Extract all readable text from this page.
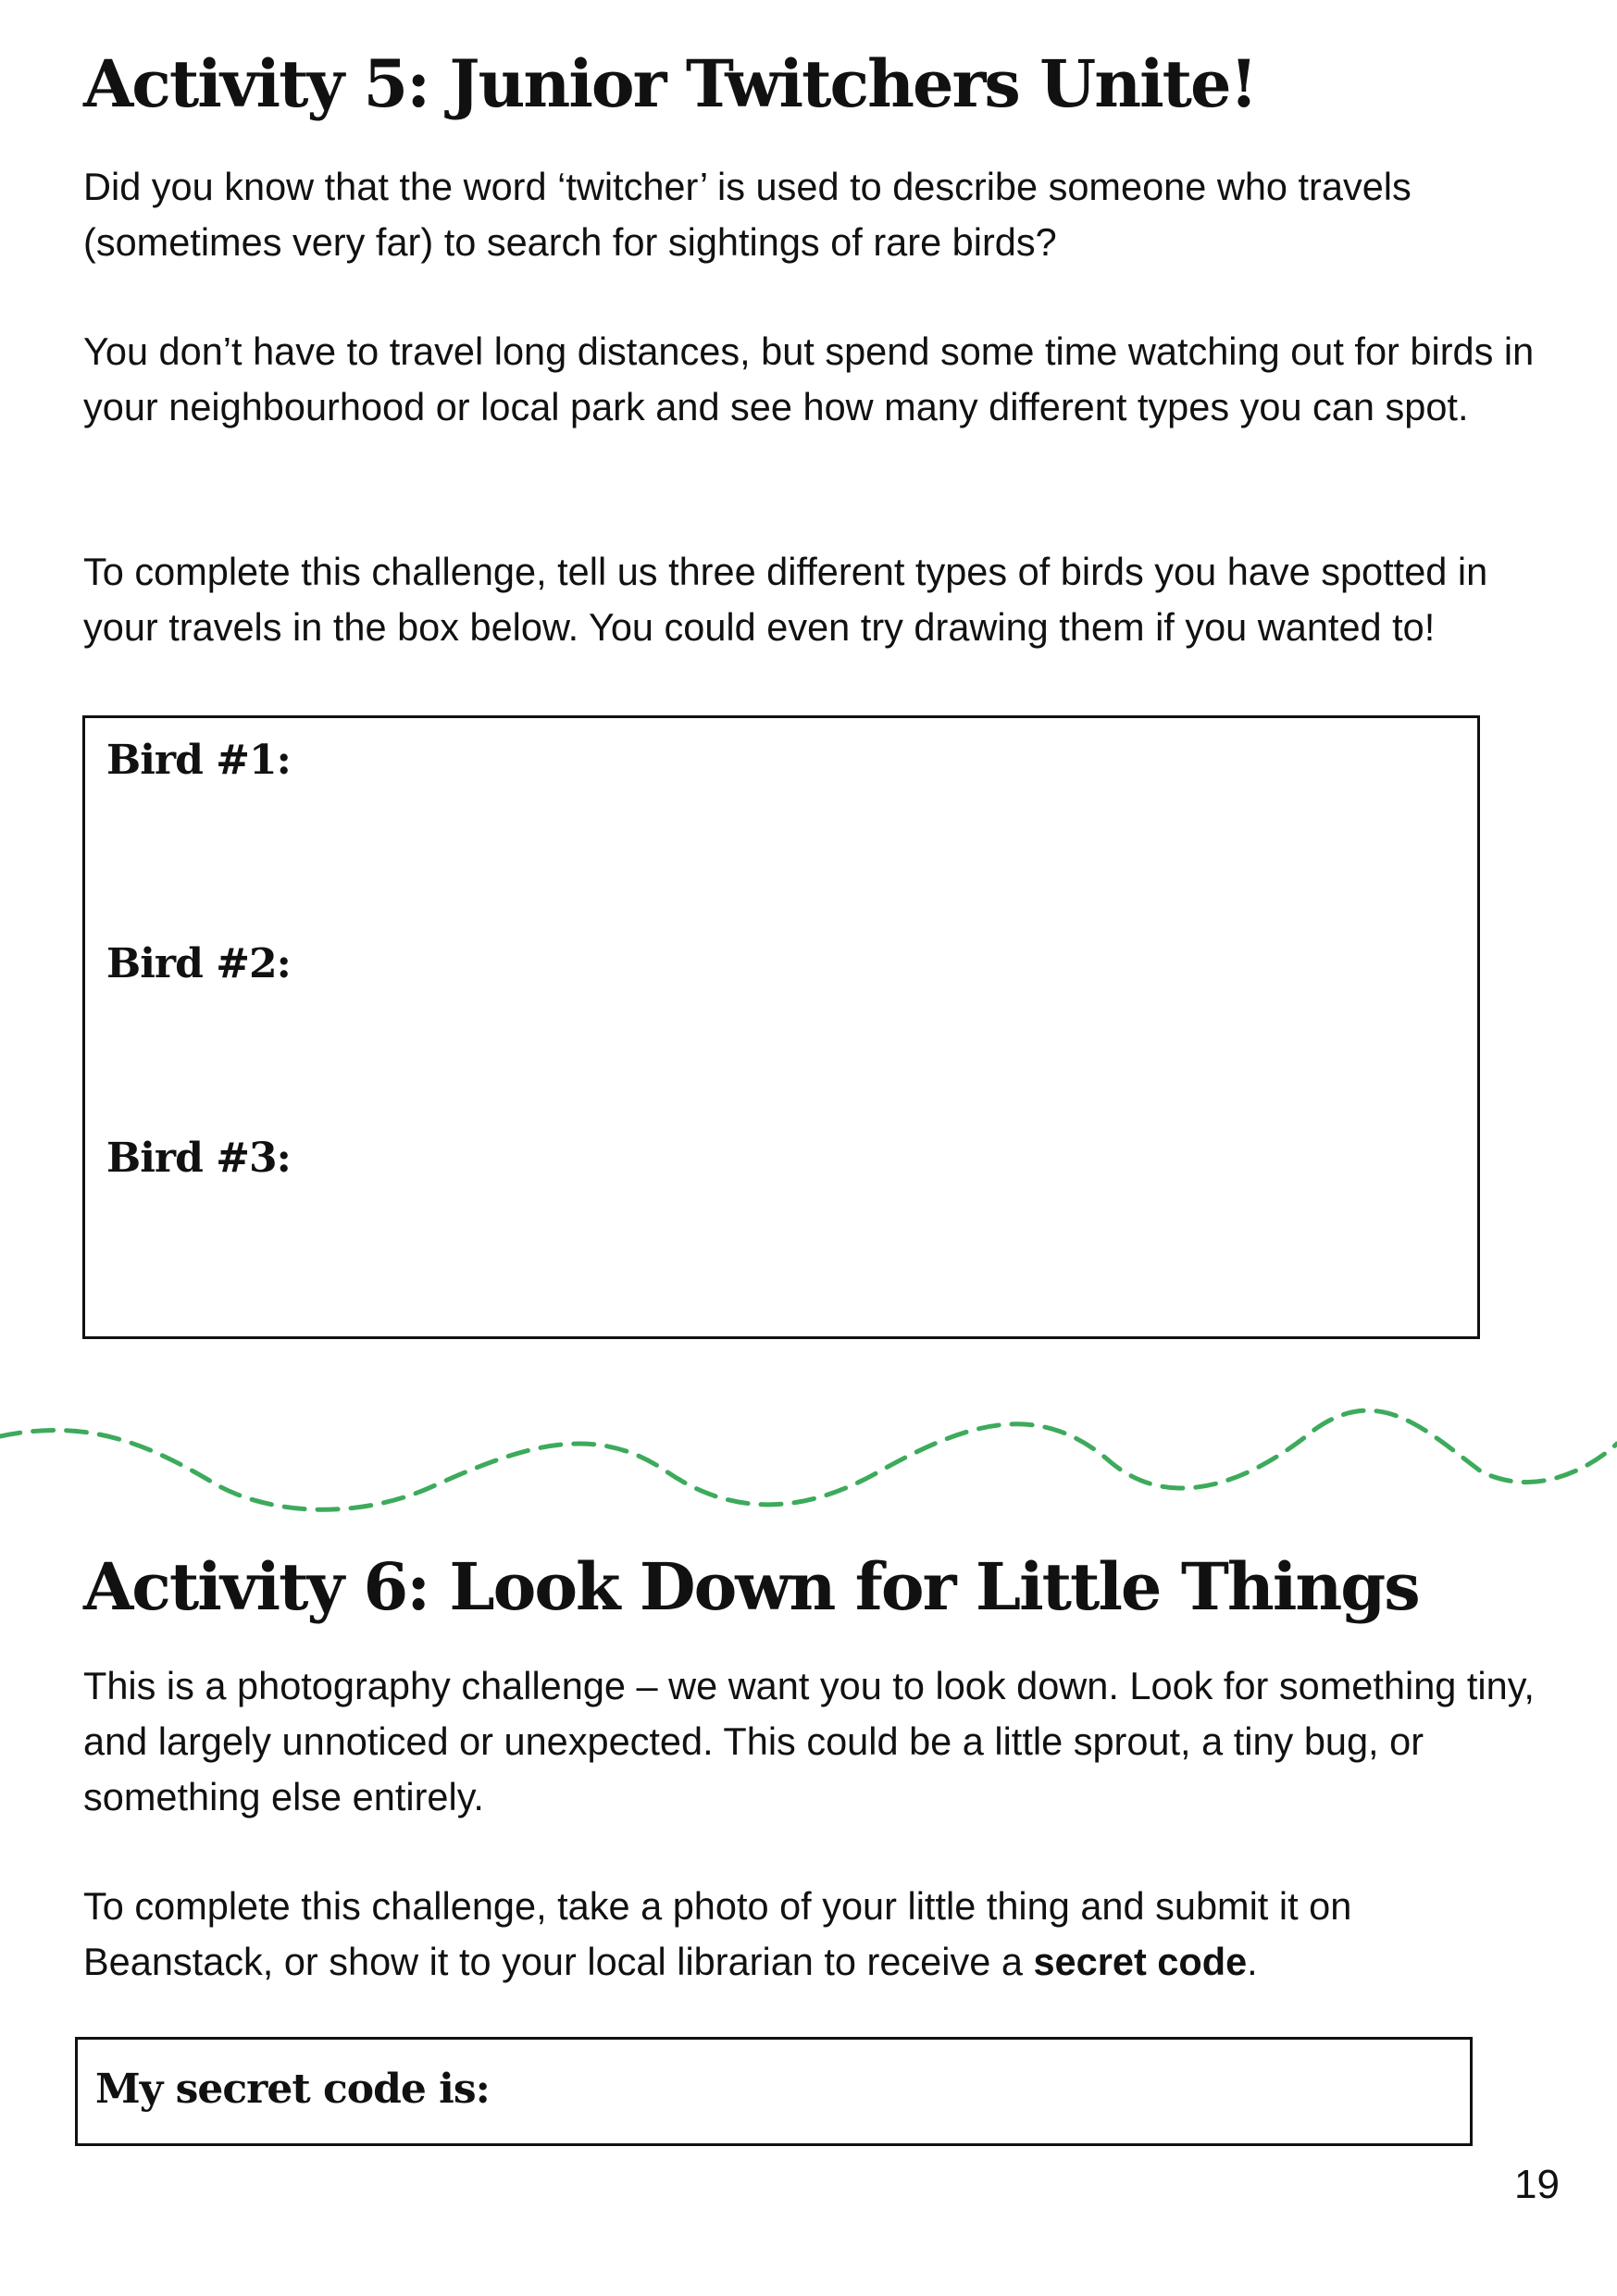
Activity 5: Junior Twitchers Unite!

Did you know that the word ‘twitcher’ is used to describe someone who travels (sometimes very far) to search for sightings of rare birds?

You don’t have to travel long distances, but spend some time watching out for birds in your neighbourhood or local park and see how many different types you can spot.

To complete this challenge, tell us three different types of birds you have spotted in your travels in the box below. You could even try drawing them if you wanted to!

Bird #1:
Bird #2:
Bird #3:
Activity 6: Look Down for Little Things

This is a photography challenge – we want you to look down. Look for something tiny, and largely unnoticed or unexpected. This could be a little sprout, a tiny bug, or something else entirely.

To complete this challenge, take a photo of your little thing and submit it on Beanstack, or show it to your local librarian to receive a secret code.

My secret code is:

19
